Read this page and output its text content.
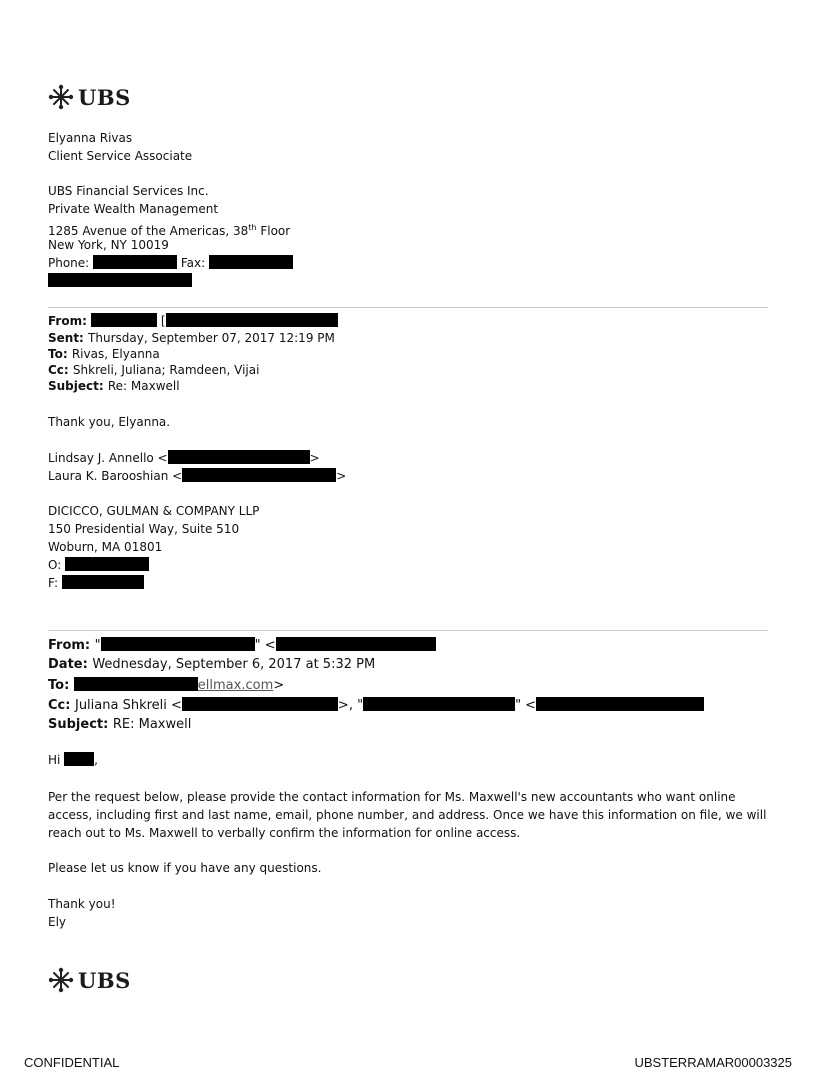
UBS
Elyanna Rivas
Client Service Associate
UBS Financial Services Inc.
Private Wealth Management
1285 Avenue of the Americas, 38th Floor
New York, NY 10019
Phone:	Fax:
From:	[
Sent: Thursday, September 07, 2017 12:19 PM
To: Rivas, Elyanna
Cc: Shkreli, Juliana; Ramdeen, Vijai
Subject: Re: Maxwell
Thank you, Elyanna.
Lindsay J. Annello <	>
Laura K. Barooshian <	>
DICICCO, GULMAN & COMPANY LLP
150 Presidential Way, Suite 510
Woburn, MA 01801
O:
F:
From: "	" <
Date: Wednesday, September 6, 2017 at 5:32 PM
To:	ellmax.com>
Cc: Juliana Shkreli <	>, "	" <
Subject: RE: Maxwell
Hi	,
Per the request below, please provide the contact information for Ms. Maxwell's new accountants who want online
access, including first and last name, email, phone number, and address. Once we have this information on file, we will
reach out to Ms. Maxwell to verbally confirm the information for online access.
Please let us know if you have any questions.
Thank you!
Ely
UBS
CONFIDENTIAL	UBSTERRAMAR00003325
